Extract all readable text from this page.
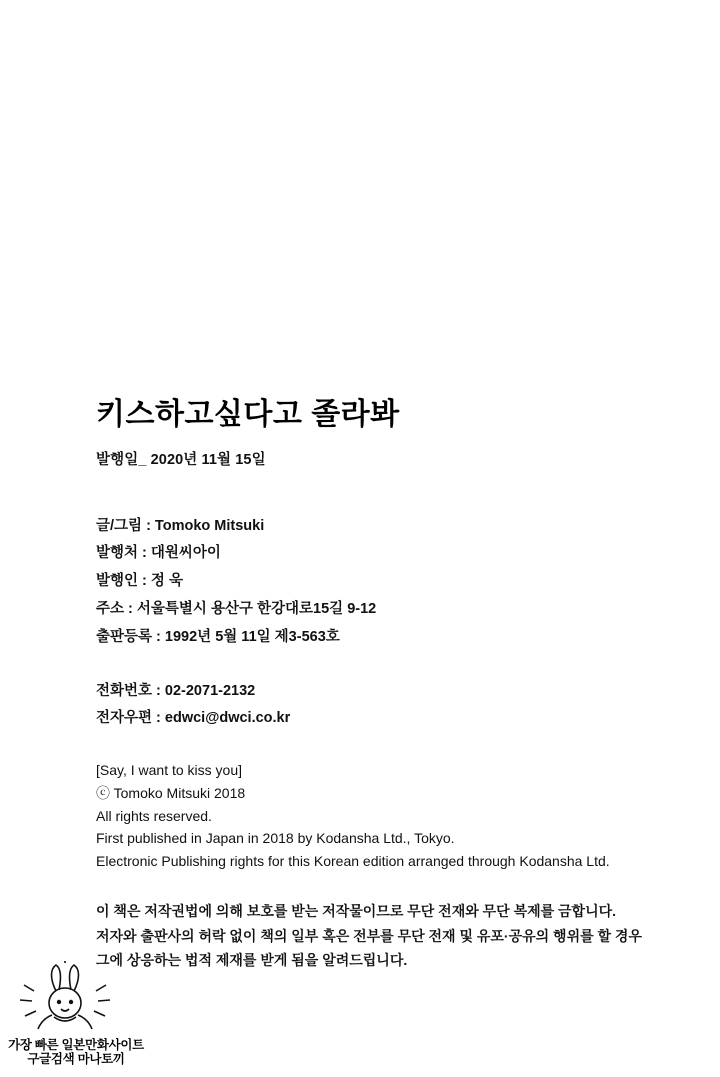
키스하고싶다고 졸라봐

발행일_ 2020년 11월 15일

글/그림 : Tomoko Mitsuki
발행처 : 대원씨아이
발행인 : 정 욱
주소 : 서울특별시 용산구 한강대로15길 9-12
출판등록 : 1992년 5월 11일 제3-563호
전화번호 : 02-2071-2132
전자우편 : edwci@dwci.co.kr
[Say, I want to kiss you]
ⓒ Tomoko Mitsuki 2018
All rights reserved.
First published in Japan in 2018 by Kodansha Ltd., Tokyo.
Electronic Publishing rights for this Korean edition arranged through Kodansha Ltd.
이 책은 저작권법에 의해 보호를 받는 저작물이므로 무단 전재와 무단 복제를 금합니다.
저자와 출판사의 허락 없이 책의 일부 혹은 전부를 무단 전재 및 유포·공유의 행위를 할 경우
그에 상응하는 법적 제재를 받게 됨을 알려드립니다.
가장 빠른 일본만화사이트
구글검색 마나토끼
